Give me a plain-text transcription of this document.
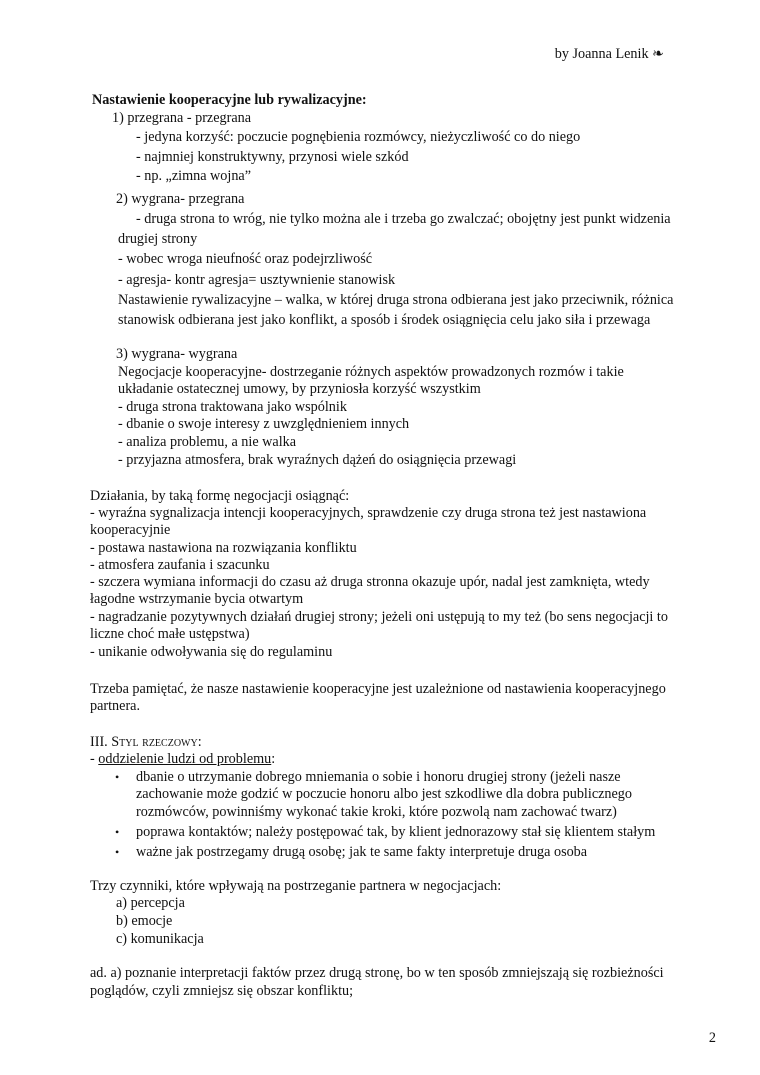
by Joanna Lenik ❧
Nastawienie kooperacyjne lub rywalizacyjne:
1) przegrana - przegrana
- jedyna korzyść: poczucie pognębienia rozmówcy, nieżyczliwość co do niego
- najmniej konstruktywny, przynosi wiele szkód
- np. „zimna wojna”
2) wygrana- przegrana
- druga strona to wróg, nie tylko można ale i trzeba go zwalczać; obojętny jest punkt widzenia
drugiej strony
- wobec wroga nieufność oraz podejrzliwość
- agresja- kontr agresja= usztywnienie stanowisk
Nastawienie rywalizacyjne – walka, w której druga strona odbierana jest jako przeciwnik, różnica
stanowisk odbierana jest jako konflikt, a sposób i środek osiągnięcia celu jako siła i przewaga
3) wygrana- wygrana
Negocjacje kooperacyjne- dostrzeganie różnych aspektów prowadzonych rozmów i takie
układanie ostatecznej umowy, by przyniosła korzyść wszystkim
- druga strona traktowana jako wspólnik
- dbanie o swoje interesy z uwzględnieniem innych
- analiza problemu, a nie walka
- przyjazna atmosfera, brak wyraźnych dążeń do osiągnięcia przewagi
Działania, by taką formę negocjacji osiągnąć:
- wyraźna sygnalizacja intencji kooperacyjnych, sprawdzenie czy druga strona też jest nastawiona
kooperacyjnie
- postawa nastawiona na rozwiązania konfliktu
- atmosfera zaufania i szacunku
- szczera wymiana informacji do czasu aż druga stronna okazuje upór, nadal jest zamknięta, wtedy
łagodne wstrzymanie bycia otwartym
- nagradzanie pozytywnych działań drugiej strony; jeżeli oni ustępują to my też (bo sens negocjacji to
liczne choć małe ustępstwa)
- unikanie odwoływania się do regulaminu
Trzeba pamiętać, że nasze nastawienie kooperacyjne jest uzależnione od nastawienia kooperacyjnego
partnera.
III. Styl rzeczowy:
- oddzielenie ludzi od problemu:
• dbanie o utrzymanie dobrego mniemania o sobie i honoru drugiej strony (jeżeli nasze
zachowanie może godzić w poczucie honoru albo jest szkodliwe dla dobra publicznego
rozmówców, powinniśmy wykonać takie kroki, które pozwolą nam zachować twarz)
• poprawa kontaktów; należy postępować tak, by klient jednorazowy stał się klientem stałym
• ważne jak postrzegamy drugą osobę; jak te same fakty interpretuje druga osoba
Trzy czynniki, które wpływają na postrzeganie partnera w negocjacjach:
a) percepcja
b) emocje
c) komunikacja
ad. a) poznanie interpretacji faktów przez drugą stronę, bo w ten sposób zmniejszają się rozbieżności
poglądów, czyli zmniejsz się obszar konfliktu;
2
